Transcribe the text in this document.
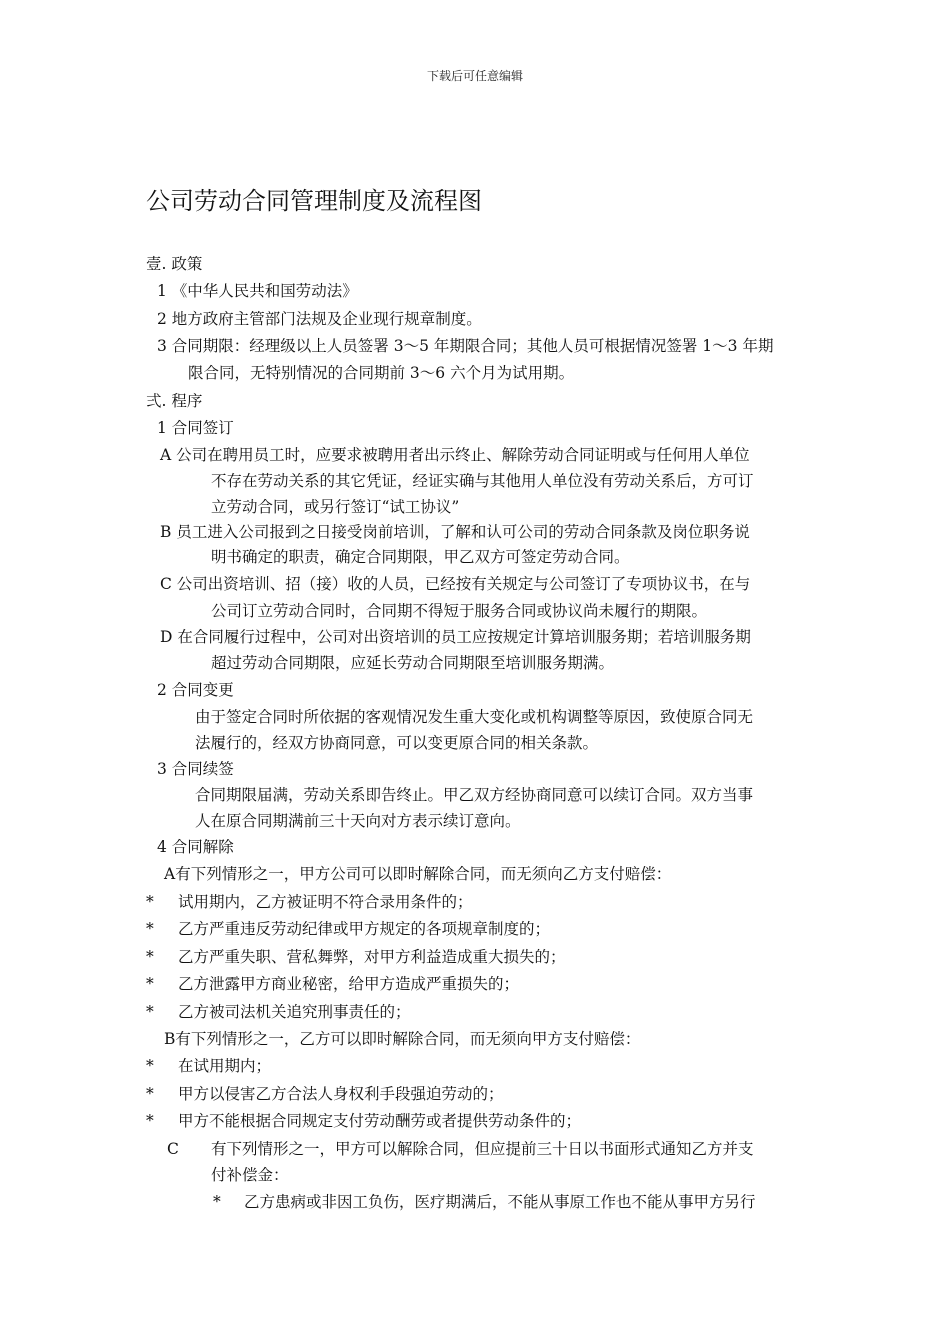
下载后可任意编辑
公司劳动合同管理制度及流程图
壹. 政策
1 《中华人民共和国劳动法》
2 地方政府主管部门法规及企业现行规章制度。
3 合同期限：经理级以上人员签署 3～5 年期限合同；其他人员可根据情况签署 1～3 年期
限合同，无特别情况的合同期前 3～6 六个月为试用期。
弍. 程序
1 合同签订
A 公司在聘用员工时，应要求被聘用者出示终止、解除劳动合同证明或与任何用人单位
不存在劳动关系的其它凭证，经证实确与其他用人单位没有劳动关系后，方可订
立劳动合同，或另行签订“试工协议”
B 员工进入公司报到之日接受岗前培训，了解和认可公司的劳动合同条款及岗位职务说
明书确定的职责，确定合同期限，甲乙双方可签定劳动合同。
C 公司出资培训、招（接）收的人员，已经按有关规定与公司签订了专项协议书，在与
公司订立劳动合同时，合同期不得短于服务合同或协议尚未履行的期限。
D 在合同履行过程中，公司对出资培训的员工应按规定计算培训服务期；若培训服务期
超过劳动合同期限，应延长劳动合同期限至培训服务期满。
2 合同变更
由于签定合同时所依据的客观情况发生重大变化或机构调整等原因，致使原合同无
法履行的，经双方协商同意，可以变更原合同的相关条款。
3 合同续签
合同期限届满，劳动关系即告终止。甲乙双方经协商同意可以续订合同。双方当事
人在原合同期满前三十天向对方表示续订意向。
4 合同解除
A有下列情形之一，甲方公司可以即时解除合同，而无须向乙方支付赔偿：
* 试用期内，乙方被证明不符合录用条件的；
* 乙方严重违反劳动纪律或甲方规定的各项规章制度的；
* 乙方严重失职、营私舞弊，对甲方利益造成重大损失的；
* 乙方泄露甲方商业秘密，给甲方造成严重损失的；
* 乙方被司法机关追究刑事责任的；
B有下列情形之一，乙方可以即时解除合同，而无须向甲方支付赔偿：
* 在试用期内；
* 甲方以侵害乙方合法人身权利手段强迫劳动的；
* 甲方不能根据合同规定支付劳动酬劳或者提供劳动条件的；
C 有下列情形之一，甲方可以解除合同，但应提前三十日以书面形式通知乙方并支
付补偿金：
* 乙方患病或非因工负伤，医疗期满后，不能从事原工作也不能从事甲方另行
